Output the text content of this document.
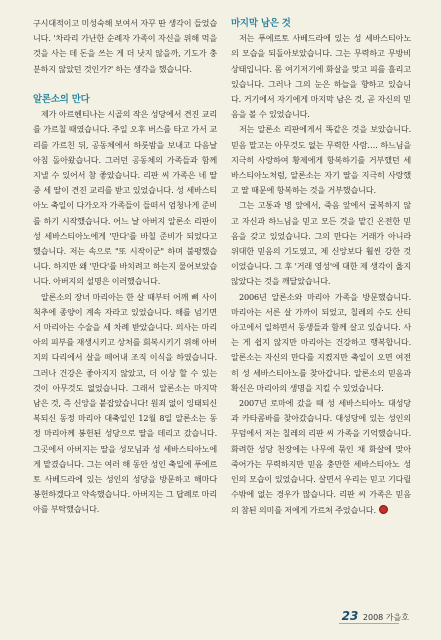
구시대적이고 미성숙해 보여서 자꾸 딴 생각이 들었습니다. '차라리 가난한 순례자 가족이 자신을 위해 먹을 것을 사는 데 돈을 쓰는 게 더 낫지 않을까, 기도가 충분하지 않았던 것인가?' 하는 생각을 했습니다.

알론소의 만다

제가 아르헨티나는 시골의 작은 성당에서 견진 교리를 가르칠 때였습니다. 주일 오후 버스를 타고 가서 교리를 가르친 뒤, 공동체에서 하룻밤을 보내고 다음날 아침 돌아왔습니다. 그러던 공동체의 가족들과 함께 지낼 수 있어서 참 좋았습니다. 리판 씨 가족은 네 딸 중 세 딸이 견진 교리를 받고 있었습니다. 성 세바스티아노 축일이 다가오자 가족들이 들떠서 엄청나게 준비를 하기 시작했습니다. 어느 날 아버지 알론소 리판이 성 세바스티아노에게 '만다'를 바칠 준비가 되었다고 했습니다. 저는 속으로 "또 시작이군" 하며 불평했습니다. 하지만 왜 '만다'를 바치려고 하는지 물어보았습니다. 아버지의 설명은 이러했습니다.

알론소의 장녀 마리아는 한 살 때부터 어깨 뼈 사이 척추에 종양이 계속 자라고 있었습니다. 해를 넘기면서 마리아는 수술을 세 차례 받았습니다. 의사는 마리아의 피부를 재생시키고 상처를 회복시키기 위해 아버지의 다리에서 살을 떼어내 조직 이식을 하였습니다. 그러나 건강은 좋아지지 않았고, 더 이상 할 수 있는 것이 아무것도 없었습니다. 그래서 알론소는 마지막 남은 것, 즉 신앙을 붙잡았습니다! 원죄 없이 잉태되신 복되신 동정 마리아 대축일인 12월 8일 알론소는 동정 마리아께 봉헌된 성당으로 딸을 데리고 갔습니다. 그곳에서 아버지는 딸을 성모님과 성 세바스티아노에게 맡겼습니다. 그는 여러 해 동안 성인 축일에 푸에르토 사베드라에 있는 성인의 성당을 방문하고 해마다 봉헌하겠다고 약속했습니다. 아버지는 그 답례로 마리아를 부탁했습니다.

마지막 남은 것

저는 푸에르토 사베드라에 있는 성 세바스티아노의 모습을 되돌아보았습니다. 그는 무력하고 무방비 상태입니다. 몸 여기저기에 화살을 맞고 피를 흘리고 있습니다. 그러나 그의 눈은 하늘을 향하고 있습니다. 거기에서 자기에게 마지막 남은 것, 곧 자신의 믿음을 볼 수 있었습니다.

저는 알론소 리판에게서 똑같은 것을 보았습니다. 믿음 말고는 아무것도 없는 무력한 사람…. 하느님을 지극히 사랑하여 황제에게 항복하기를 거부했던 세바스티아노처럼, 알론소는 자기 딸을 지극히 사랑했고 딸 때문에 항복하는 것을 거부했습니다.

그는 고통과 병 앞에서, 죽음 앞에서 굴복하지 않고 자신과 하느님을 믿고 모든 것을 맡긴 온전한 믿음을 갖고 있었습니다. 그의 만다는 거래가 아니라 위대한 믿음의 기도였고, 제 신앙보다 훨씬 강한 것이었습니다. 그 후 '거래 영성'에 대한 제 생각이 옳지 않았다는 것을 깨달았습니다.

2006년 알론소와 마리아 가족을 방문했습니다. 마리아는 서른 살 가까이 되었고, 칠레의 수도 산티아고에서 일하면서 동생들과 함께 살고 있습니다. 사는 게 쉽지 않지만 마리아는 건강하고 행복합니다. 알론소는 자신의 만다를 지켰지만 축일이 오면 여전히 성 세바스티아노를 찾아갑니다. 알론소의 믿음과 확신은 마리아의 생명을 지킬 수 있었습니다.

2007년 로마에 갔을 때 성 세바스티아노 대성당과 카타콤바를 찾아갔습니다. 대성당에 있는 성인의 무덤에서 저는 칠레의 리판 씨 가족을 기억했습니다. 화려한 성당 천장에는 나무에 묶인 채 화살에 맞아 죽어가는 무력하지만 믿음 충만한 세바스티아노 성인의 모습이 있었습니다. 살면서 우리는 믿고 기다릴 수밖에 없는 경우가 많습니다. 리판 씨 가족은 믿음의 참된 의미를 저에게 가르쳐 주었습니다.

23 2008 가을호
